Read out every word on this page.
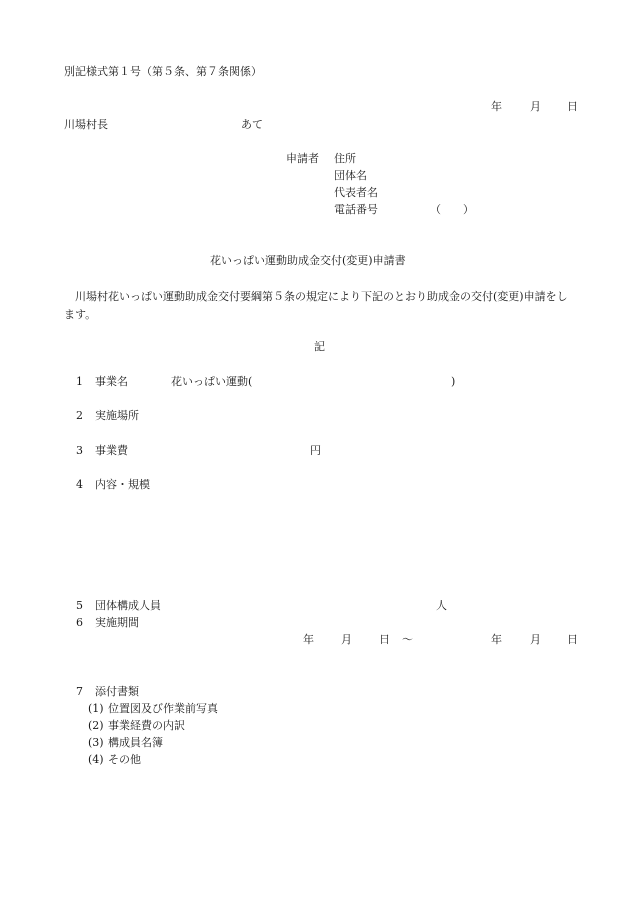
別記様式第１号（第５条、第７条関係）
年	月 日
川場村長	あて
申請者 住所
団体名
代表者名
電話番号	（　　）
花いっぱい運動助成金交付(変更)申請書
川場村花いっぱい運動助成金交付要綱第５条の規定により下記のとおり助成金の交付(変更)申請をします。
記
1 事業名	花いっぱい運動(	)
2 実施場所
3 事業費	円
4 内容・規模
5 団体構成人員	人
6 実施期間
年 月 日 ～	年	月 日
7 添付書類
(1) 位置図及び作業前写真
(2) 事業経費の内訳
(3) 構成員名簿
(4) その他
